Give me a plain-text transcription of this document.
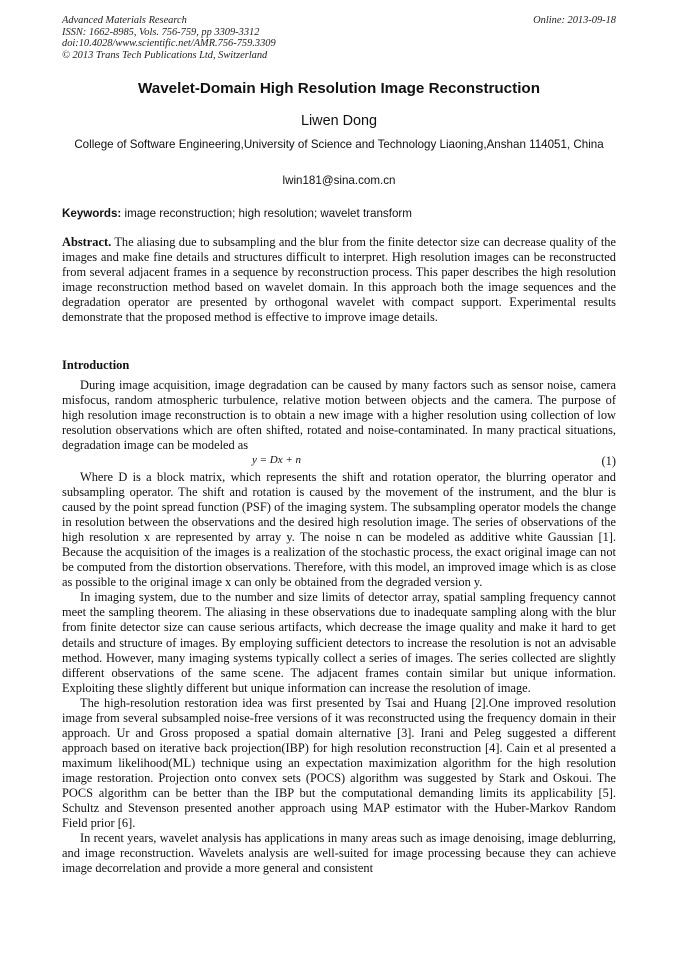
Advanced Materials Research
ISSN: 1662-8985, Vols. 756-759, pp 3309-3312
doi:10.4028/www.scientific.net/AMR.756-759.3309
© 2013 Trans Tech Publications Ltd, Switzerland
Online: 2013-09-18
Wavelet-Domain High Resolution Image Reconstruction
Liwen Dong
College of Software Engineering,University of Science and Technology Liaoning,Anshan 114051, China
lwin181@sina.com.cn
Keywords: image reconstruction; high resolution; wavelet transform
Abstract. The aliasing due to subsampling and the blur from the finite detector size can decrease quality of the images and make fine details and structures difficult to interpret. High resolution images can be reconstructed from several adjacent frames in a sequence by reconstruction process. This paper describes the high resolution image reconstruction method based on wavelet domain. In this approach both the image sequences and the degradation operator are presented by orthogonal wavelet with compact support. Experimental results demonstrate that the proposed method is effective to improve image details.
Introduction

During image acquisition, image degradation can be caused by many factors such as sensor noise, camera misfocus, random atmospheric turbulence, relative motion between objects and the camera. The purpose of high resolution image reconstruction is to obtain a new image with a higher resolution using collection of low resolution observations which are often shifted, rotated and noise-contaminated. In many practical situations, degradation image can be modeled as

y = Dx + n	(1)

Where D is a block matrix, which represents the shift and rotation operator, the blurring operator and subsampling operator. The shift and rotation is caused by the movement of the instrument, and the blur is caused by the point spread function (PSF) of the imaging system. The subsampling operator models the change in resolution between the observations and the desired high resolution image. The series of observations of the high resolution x are represented by array y. The noise n can be modeled as additive white Gaussian [1]. Because the acquisition of the images is a realization of the stochastic process, the exact original image can not be computed from the distortion observations. Therefore, with this model, an improved image which is as close as possible to the original image x can only be obtained from the degraded version y.

In imaging system, due to the number and size limits of detector array, spatial sampling frequency cannot meet the sampling theorem. The aliasing in these observations due to inadequate sampling along with the blur from finite detector size can cause serious artifacts, which decrease the image quality and make it hard to get details and structure of images. By employing sufficient detectors to increase the resolution is not an advisable method. However, many imaging systems typically collect a series of images. The series collected are slightly different observations of the same scene. The adjacent frames contain similar but unique information. Exploiting these slightly different but unique information can increase the resolution of image.

The high-resolution restoration idea was first presented by Tsai and Huang [2].One improved resolution image from several subsampled noise-free versions of it was reconstructed using the frequency domain in their approach. Ur and Gross proposed a spatial domain alternative [3]. Irani and Peleg suggested a different approach based on iterative back projection(IBP) for high resolution reconstruction [4]. Cain et al presented a maximum likelihood(ML) technique using an expectation maximization algorithm for the high resolution image restoration. Projection onto convex sets (POCS) algorithm was suggested by Stark and Oskoui. The POCS algorithm can be better than the IBP but the computational demanding limits its applicability [5]. Schultz and Stevenson presented another approach using MAP estimator with the Huber-Markov Random Field prior [6].

In recent years, wavelet analysis has applications in many areas such as image denoising, image deblurring, and image reconstruction. Wavelets analysis are well-suited for image processing because they can achieve image decorrelation and provide a more general and consistent
